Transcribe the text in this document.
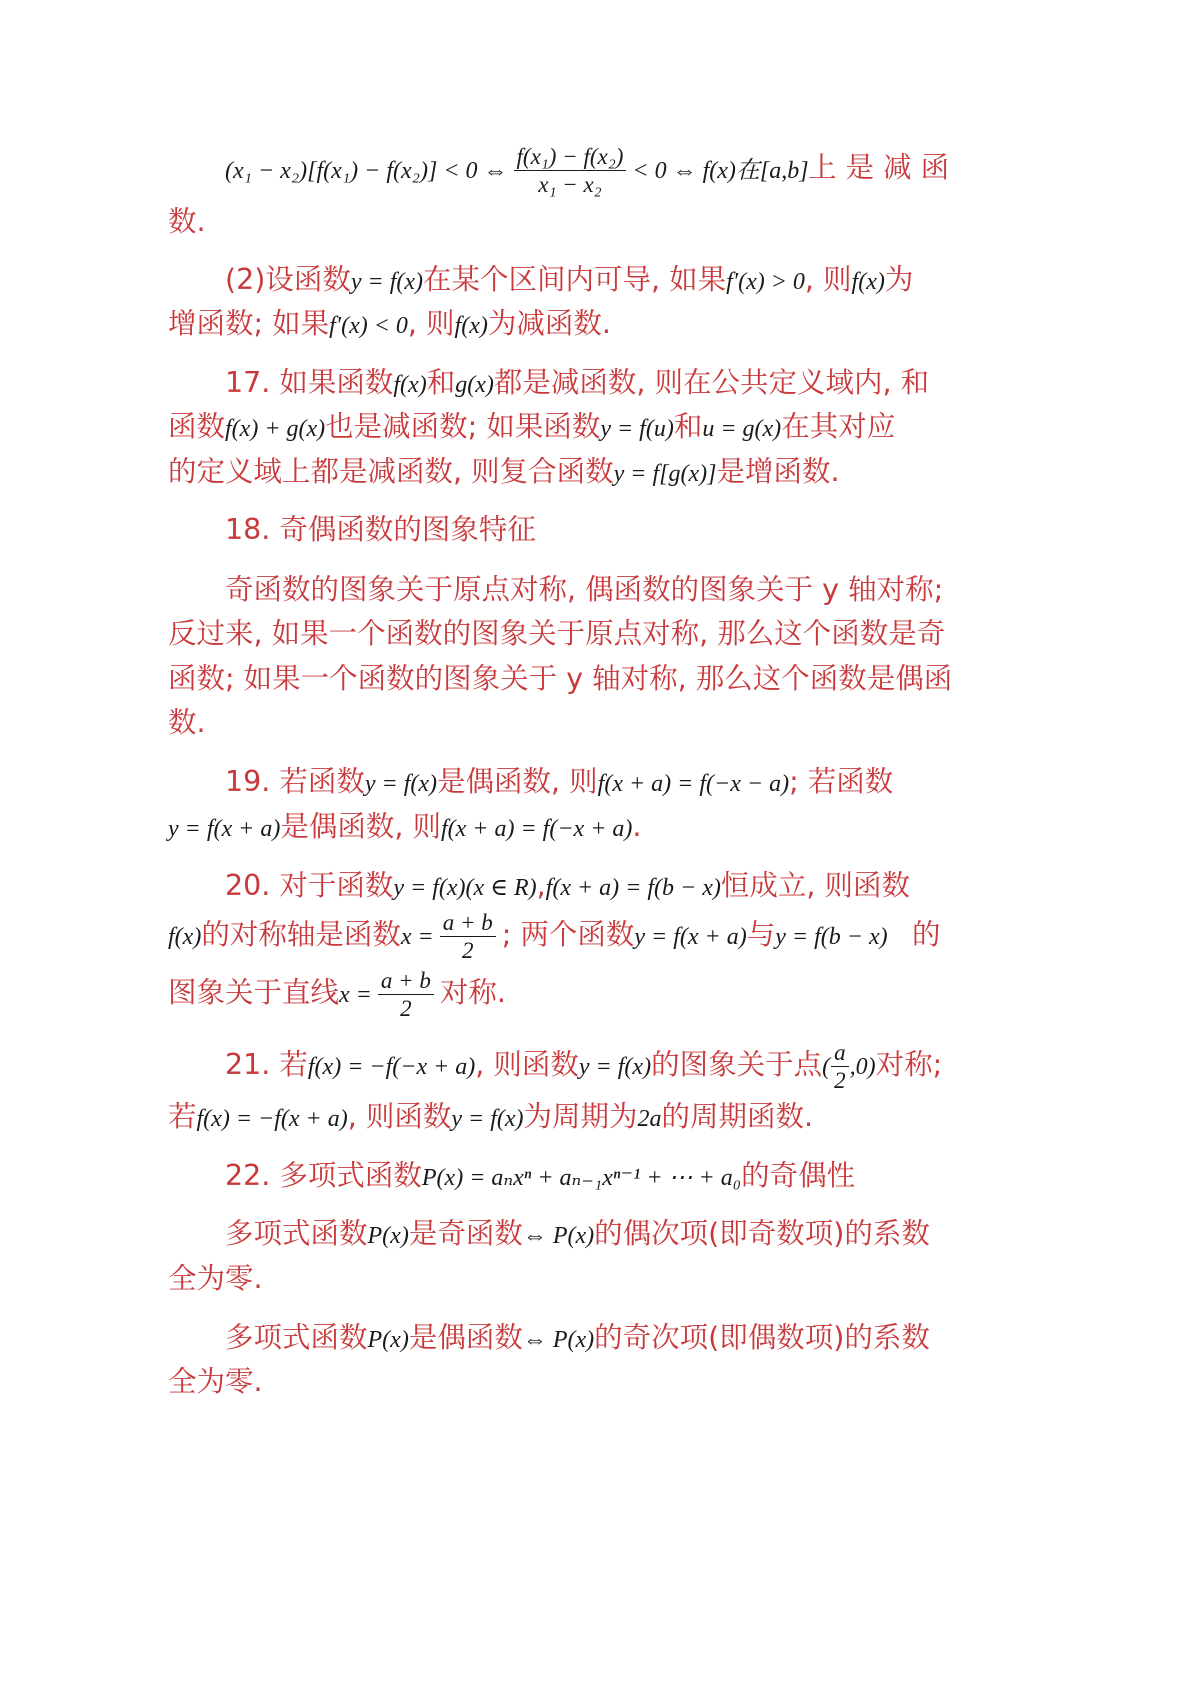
(x₁ − x₂)[f(x₁) − f(x₂)] < 0 ⇔ $\frac{\text{f(x₁) − f(x₂)}}{\text{x₁ − x₂}} < 0$ ⇔ f(x)在[a,b] 上 是 减 函
数.
(2)设函数y = f(x)在某个区间内可导, 如果f′(x) > 0, 则f(x)为
增函数; 如果f′(x) < 0, 则f(x)为减函数.
17. 如果函数f(x)和g(x)都是减函数, 则在公共定义域内, 和
函数f(x) + g(x)也是减函数; 如果函数y = f(u)和u = g(x)在其对应
的定义域上都是减函数, 则复合函数y = f[g(x)]是增函数.
18. 奇偶函数的图象特征
奇函数的图象关于原点对称, 偶函数的图象关于 y 轴对称;
反过来, 如果一个函数的图象关于原点对称, 那么这个函数是奇
函数; 如果一个函数的图象关于 y 轴对称, 那么这个函数是偶函
数.
19. 若函数y = f(x)是偶函数, 则f(x + a) = f(−x − a); 若函数
y = f(x + a)是偶函数, 则f(x + a) = f(−x + a).
20. 对于函数y = f(x)(x ∈ R),f(x + a) = f(b − x)恒成立, 则函数
f(x)的对称轴是函数$x = \frac{a + b}{2}$ ; 两个函数y = f(x + a)与y = f(b − x) 的
图象关于直线$x = \frac{a + b}{2}$ 对称.
21. 若f(x) = −f(−x + a), 则函数y = f(x)的图象关于点( $\frac{a}{2} ,0$)对称;
若f(x) = −f(x + a), 则函数y = f(x)为周期为2a的周期函数.
22. 多项式函数P(x) = aₙxⁿ + aₙ₋₁xⁿ⁻¹ + ⋯ + a₀的奇偶性
多项式函数P(x)是奇函数⇔ P(x)的偶次项(即奇数项)的系数
全为零.
多项式函数P(x)是偶函数⇔ P(x)的奇次项(即偶数项)的系数
全为零.
